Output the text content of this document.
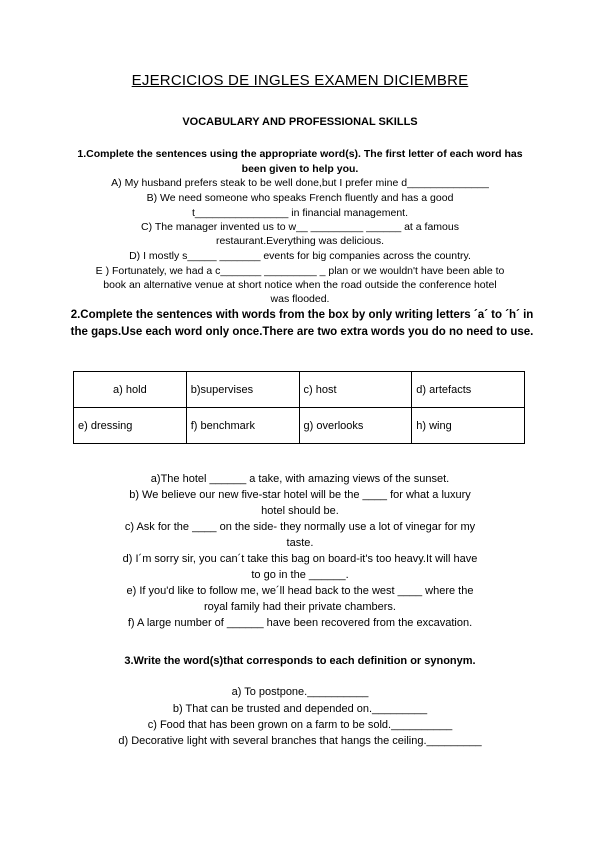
EJERCICIOS DE INGLES EXAMEN DICIEMBRE
VOCABULARY AND PROFESSIONAL SKILLS
1.Complete the sentences using the appropriate word(s). The first letter of each word has been given to help you.
A) My husband prefers steak to be well done,but I prefer mine d______________
B) We need someone who speaks French fluently and has a good
t________________ in financial management.
C) The manager invented us to w__ _________ ______ at a famous
restaurant.Everything was delicious.
D) I mostly s_____ _______ events for big companies across the country.
E ) Fortunately, we had a c_______ _________ _ plan or we wouldn't have been able to
book an alternative venue at short notice when the road outside the conference hotel
was flooded.
2.Complete the sentences with words from the box by only writing letters ´a´ to ´h´ in the gaps.Use each word only once.There are two extra words you do no need to use.
a) hold	b)supervises	c) host	d) artefacts
e) dressing	f) benchmark	g) overlooks	h) wing
a)The hotel ______ a take, with amazing views of the sunset.
b) We believe our new five-star hotel will be the ____ for what a luxury
hotel should be.
c) Ask for the ____ on the side- they normally use a lot of vinegar for my
taste.
d) I´m sorry sir, you can´t take this bag on board-it's too heavy.It will have
to go in the ______.
e) If you'd like to follow me, we´ll head back to the west ____ where the
royal family had their private chambers.
f) A large number of ______ have been recovered from the excavation.
3.Write the word(s)that corresponds to each definition or synonym.
a) To postpone.__________
b) That can be trusted and depended on._________
c) Food that has been grown on a farm to be sold.__________
d) Decorative light with several branches that hangs the ceiling._________
